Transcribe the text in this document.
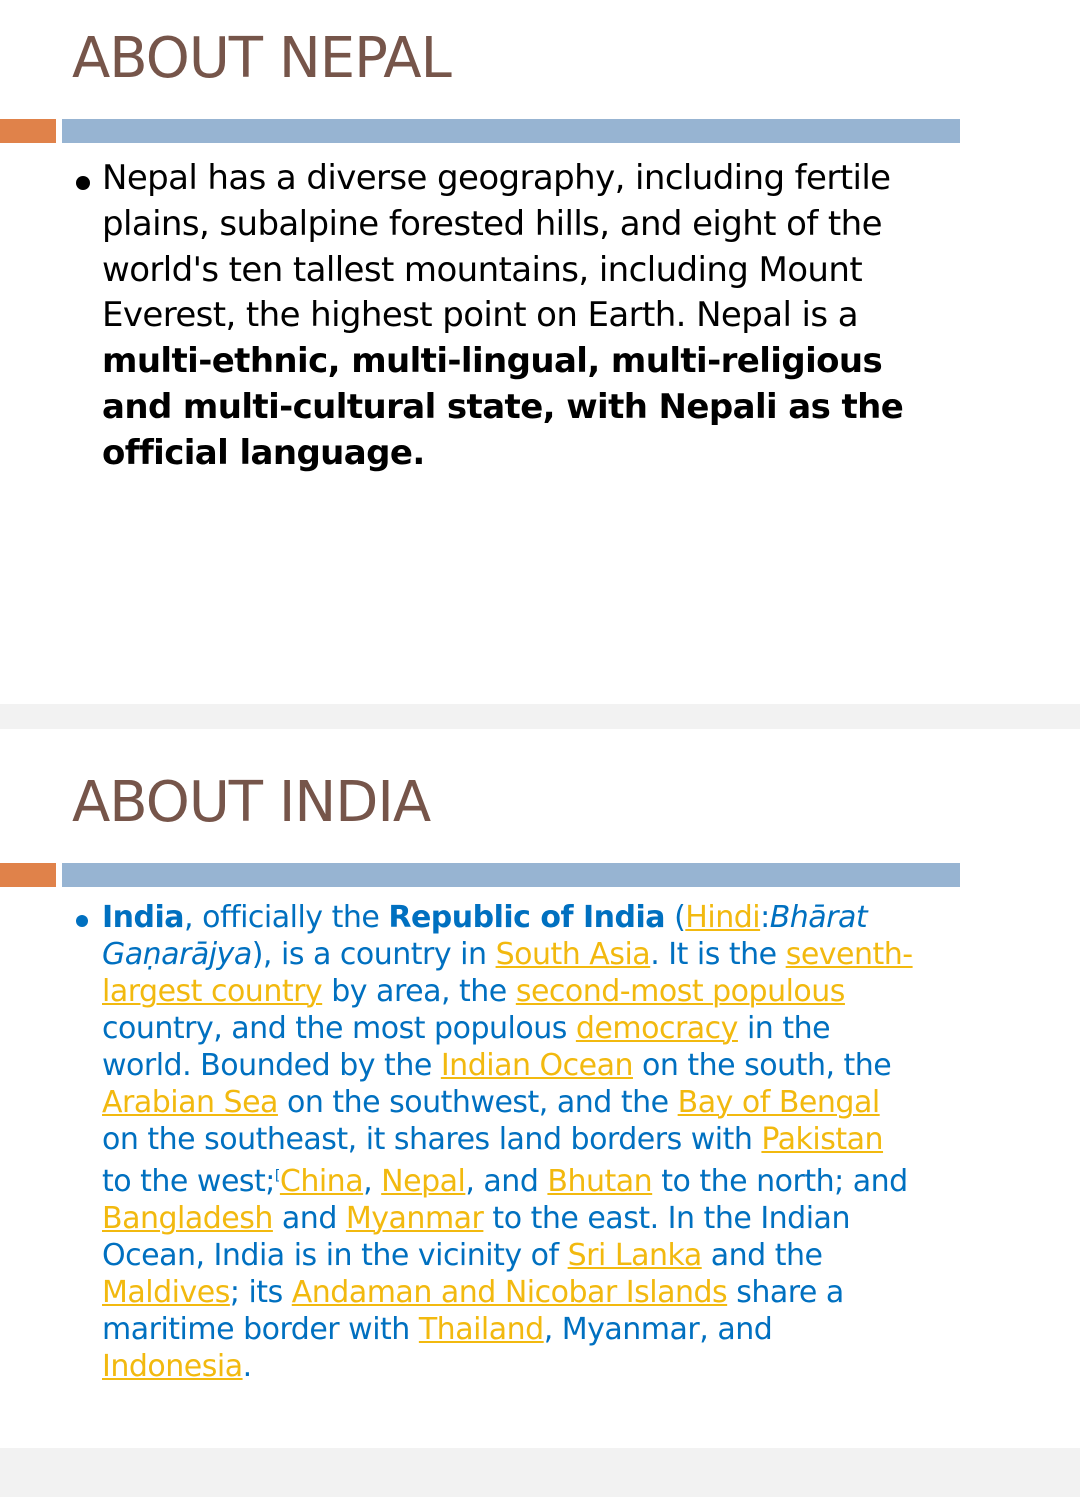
ABOUT NEPAL

Nepal has a diverse geography, including fertile plains, subalpine forested hills, and eight of the world's ten tallest mountains, including Mount Everest, the highest point on Earth. Nepal is a multi-ethnic, multi-lingual, multi-religious and multi-cultural state, with Nepali as the official language.

ABOUT INDIA

India, officially the Republic of India (Hindi:Bhārat Gaṇarājya), is a country in South Asia. It is the seventh-largest country by area, the second-most populous country, and the most populous democracy in the world. Bounded by the Indian Ocean on the south, the Arabian Sea on the southwest, and the Bay of Bengal on the southeast, it shares land borders with Pakistan to the west;[China, Nepal, and Bhutan to the north; and Bangladesh and Myanmar to the east. In the Indian Ocean, India is in the vicinity of Sri Lanka and the Maldives; its Andaman and Nicobar Islands share a maritime border with Thailand, Myanmar, and Indonesia.
